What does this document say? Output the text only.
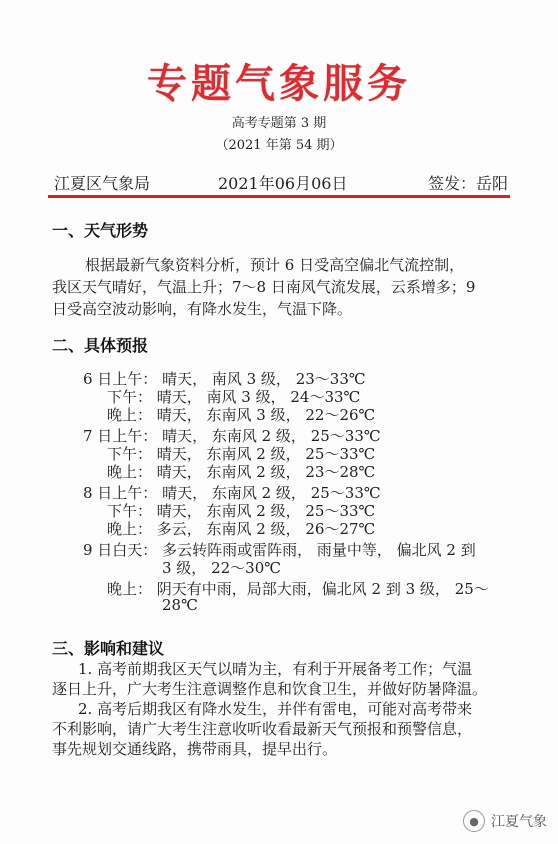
专题气象服务
高考专题第 3 期
（2021 年第 54 期）
江夏区气象局	2021年06月06日	签发：岳阳
一、天气形势
根据最新气象资料分析，预计 6 日受高空偏北气流控制，
我区天气晴好，气温上升；7～8 日南风气流发展，云系增多；9
日受高空波动影响，有降水发生，气温下降。
二、具体预报
6 日上午： 晴天， 南风 3 级， 23～33℃
下午： 晴天， 南风 3 级， 24～33℃
晚上： 晴天， 东南风 3 级， 22～26℃
7 日上午： 晴天， 东南风 2 级， 25～33℃
下午： 晴天， 东南风 2 级， 25～33℃
晚上： 晴天， 东南风 2 级， 23～28℃
8 日上午： 晴天， 东南风 2 级， 25～33℃
下午： 晴天， 东南风 2 级， 25～33℃
晚上： 多云， 东南风 2 级， 26～27℃
9 日白天： 多云转阵雨或雷阵雨， 雨量中等， 偏北风 2 到
3 级， 22～30℃
晚上： 阴天有中雨，局部大雨，偏北风 2 到 3 级， 25～
28℃
三、影响和建议
1. 高考前期我区天气以晴为主，有利于开展备考工作；气温
逐日上升，广大考生注意调整作息和饮食卫生，并做好防暑降温。
2. 高考后期我区有降水发生，并伴有雷电，可能对高考带来
不利影响，请广大考生注意收听收看最新天气预报和预警信息，
事先规划交通线路，携带雨具，提早出行。
● 江夏气象
